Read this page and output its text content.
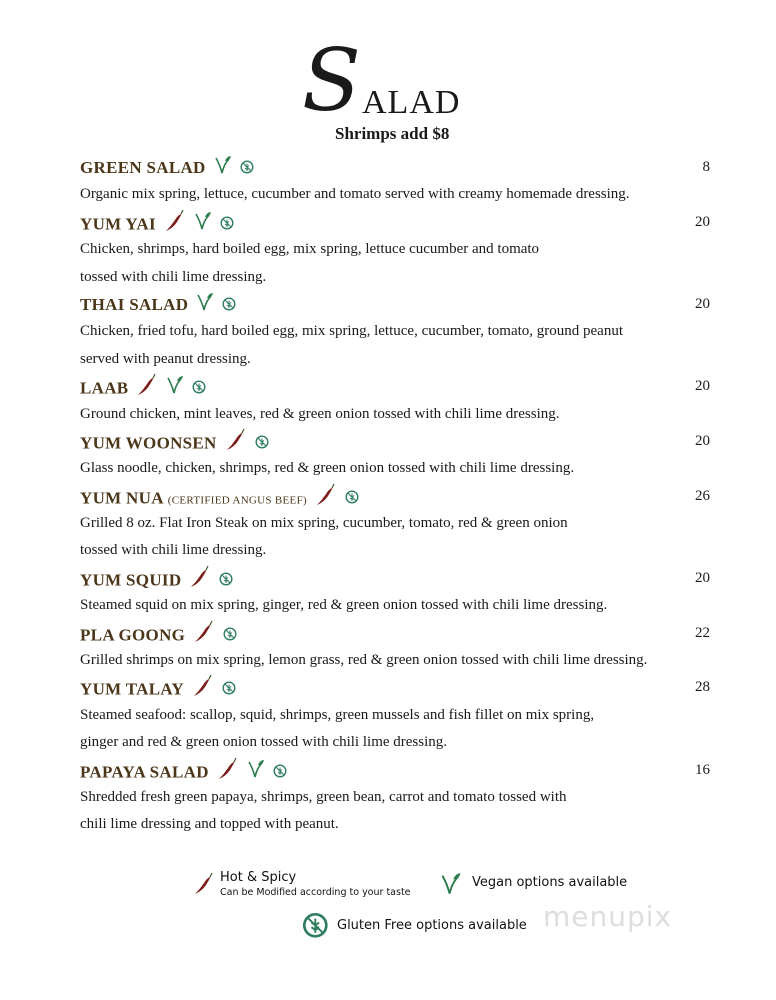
S ALAD
Shrimps add $8
GREEN SALAD	8
Organic mix spring, lettuce, cucumber and tomato served with creamy homemade dressing.
YUM YAI	20
Chicken, shrimps, hard boiled egg, mix spring, lettuce cucumber and tomato
tossed with chili lime dressing.
THAI SALAD	20
Chicken, fried tofu, hard boiled egg, mix spring, lettuce, cucumber, tomato, ground peanut
served with peanut dressing.
LAAB	20
Ground chicken, mint leaves, red & green onion tossed with chili lime dressing.
YUM WOONSEN	20
Glass noodle, chicken, shrimps, red & green onion tossed with chili lime dressing.
YUM NUA (CERTIFIED ANGUS BEEF)	26
Grilled 8 oz. Flat Iron Steak on mix spring, cucumber, tomato, red & green onion
tossed with chili lime dressing.
YUM SQUID	20
Steamed squid on mix spring, ginger, red & green onion tossed with chili lime dressing.
PLA GOONG	22
Grilled shrimps on mix spring, lemon grass, red & green onion tossed with chili lime dressing.
YUM TALAY	28
Steamed seafood: scallop, squid, shrimps, green mussels and fish fillet on mix spring,
ginger and red & green onion tossed with chili lime dressing.
PAPAYA SALAD	16
Shredded fresh green papaya, shrimps, green bean, carrot and tomato tossed with
chili lime dressing and topped with peanut.
Hot & Spicy
Can be Modified according to your taste
Vegan options available
Gluten Free options available menupix
